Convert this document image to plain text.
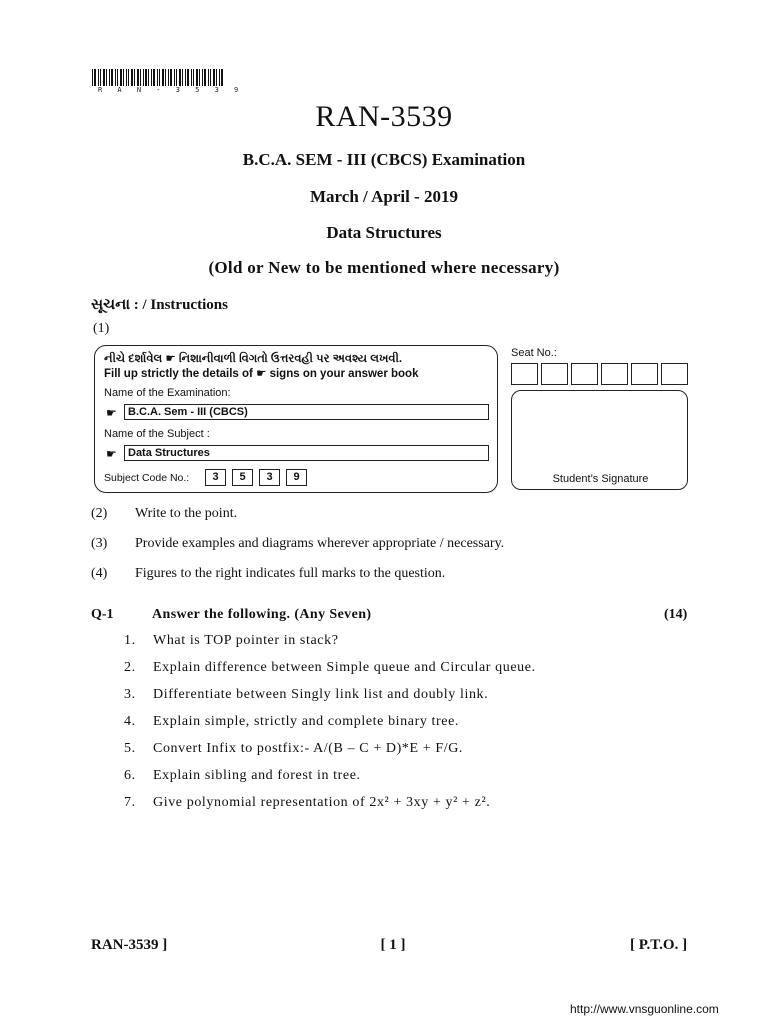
R A N - 3 5 3 9
RAN-3539
B.C.A. SEM - III (CBCS) Examination
March / April - 2019
Data Structures
(Old or New to be mentioned where necessary)
સૂચના : / Instructions
(1)
નીચે દર્શાવેલ ☛ નિશાનીવાળી વિગતો ઉત્તરવહી પર અવશ્ય લખવી.
Fill up strictly the details of ☛ signs on your answer book
Name of the Examination:
☛	B.C.A. Sem - III (CBCS)
Name of the Subject :
☛	Data Structures
Subject Code No.:	3	5	3	9
Seat No.:
Student’s Signature
(2) Write to the point.
(3) Provide examples and diagrams wherever appropriate / necessary.
(4) Figures to the right indicates full marks to the question.
Q-1	Answer the following. (Any Seven)	(14)
1. What is TOP pointer in stack?
2. Explain difference between Simple queue and Circular queue.
3. Differentiate between Singly link list and doubly link.
4. Explain simple, strictly and complete binary tree.
5. Convert Infix to postfix:- A/(B – C + D)*E + F/G.
6. Explain sibling and forest in tree.
7. Give polynomial representation of 2x² + 3xy + y² + z².
RAN-3539 ]	[ 1 ]	[ P.T.O. ]
http://www.vnsguonline.com
